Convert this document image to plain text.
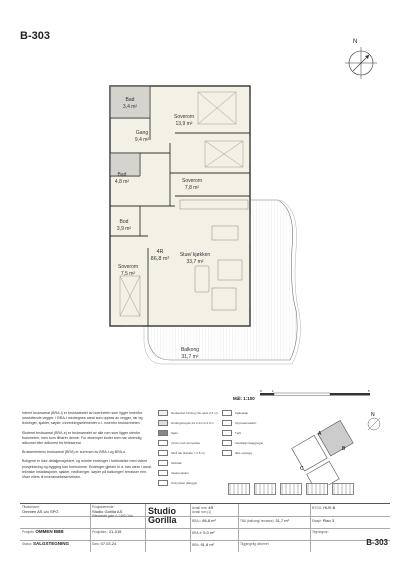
B-303	N
Bad
3,4 m²
Soverom
13,9 m²
Gang
9,4 m²
Bad
4,8 m²	Soverom
7,8 m²
Bod
3,9 m²
4R
86,8 m²
Stue/ kjøkken
33,7 m²
Soverom
7,5 m²
Balkong
31,7 m²
0	1	5
Mål: 1:100

Internt bruksareal (BRA-i) er bruksarealet av boenheten som ligger innenfor omsluttende vegger. I BRA-i medregnes areal som opptas av vegger, rør og ledninger, sjakter, søyler, innredningselementer o.l. innenfor bruksenheten.

Eksternt bruksareal (BRA-e) er bruksarealet av alle rom som ligger utenfor boenheten, men som tilhører denne. For eksempel boder som har utvendig adkomst eller adkomst fra fellesareal.

Bruksenhetens bruksareal (BRA) er summen av BRA-i og BRA-e.

Boligene er ikke detaljprosjektert, og mindre endringer i forbindelse med videre prosjektering og bygging kan forekomme. Endringer gjelder bl.a. kan være i areal, tekniske installasjoner, sjakter, nedforinger, søyler på balkonger/ terrasser mm. Viser ellers til leveransebeskrivelsen.

Nedsenket himling (Se tekst 2,5 m)
Himlingshøyde fra 0,4m til 2,0 m
Sjakt
Vindu med verneplate
Skrå tak (fraside = 2.5 m)
Sluk/tak
Vaskemaskin
Utstyrslast (tilleggs)
Kjøleskap
Oppvaskmaskin
Tørk
Ventilasjonsaggregat
Ikke opplegg
A
B
C
N
Tiltakshaver:
Ommen AS c/o SPG
Prosjekterende:
Studio Gorilla AS
Pilestredet gate 4, 0180 Oslo Studio
Gorilla
Prosjekt: OMMEN BBB	Prosjektnr.: 21-015
Status: SALGSTEGNING	Dato: 07.03.24
Antall rom: 4R
Antall rom (1)
BRA-i: 86,8 m²
BRA-e: 5,0 m²
BRA: 91,8 m²
TBA (balkong/ terrasse): 31,7 m²
Tilgjengelig utformet
BYGG: HUS B
Etasje: Plan 3
Tegningsnr.:
B-303
